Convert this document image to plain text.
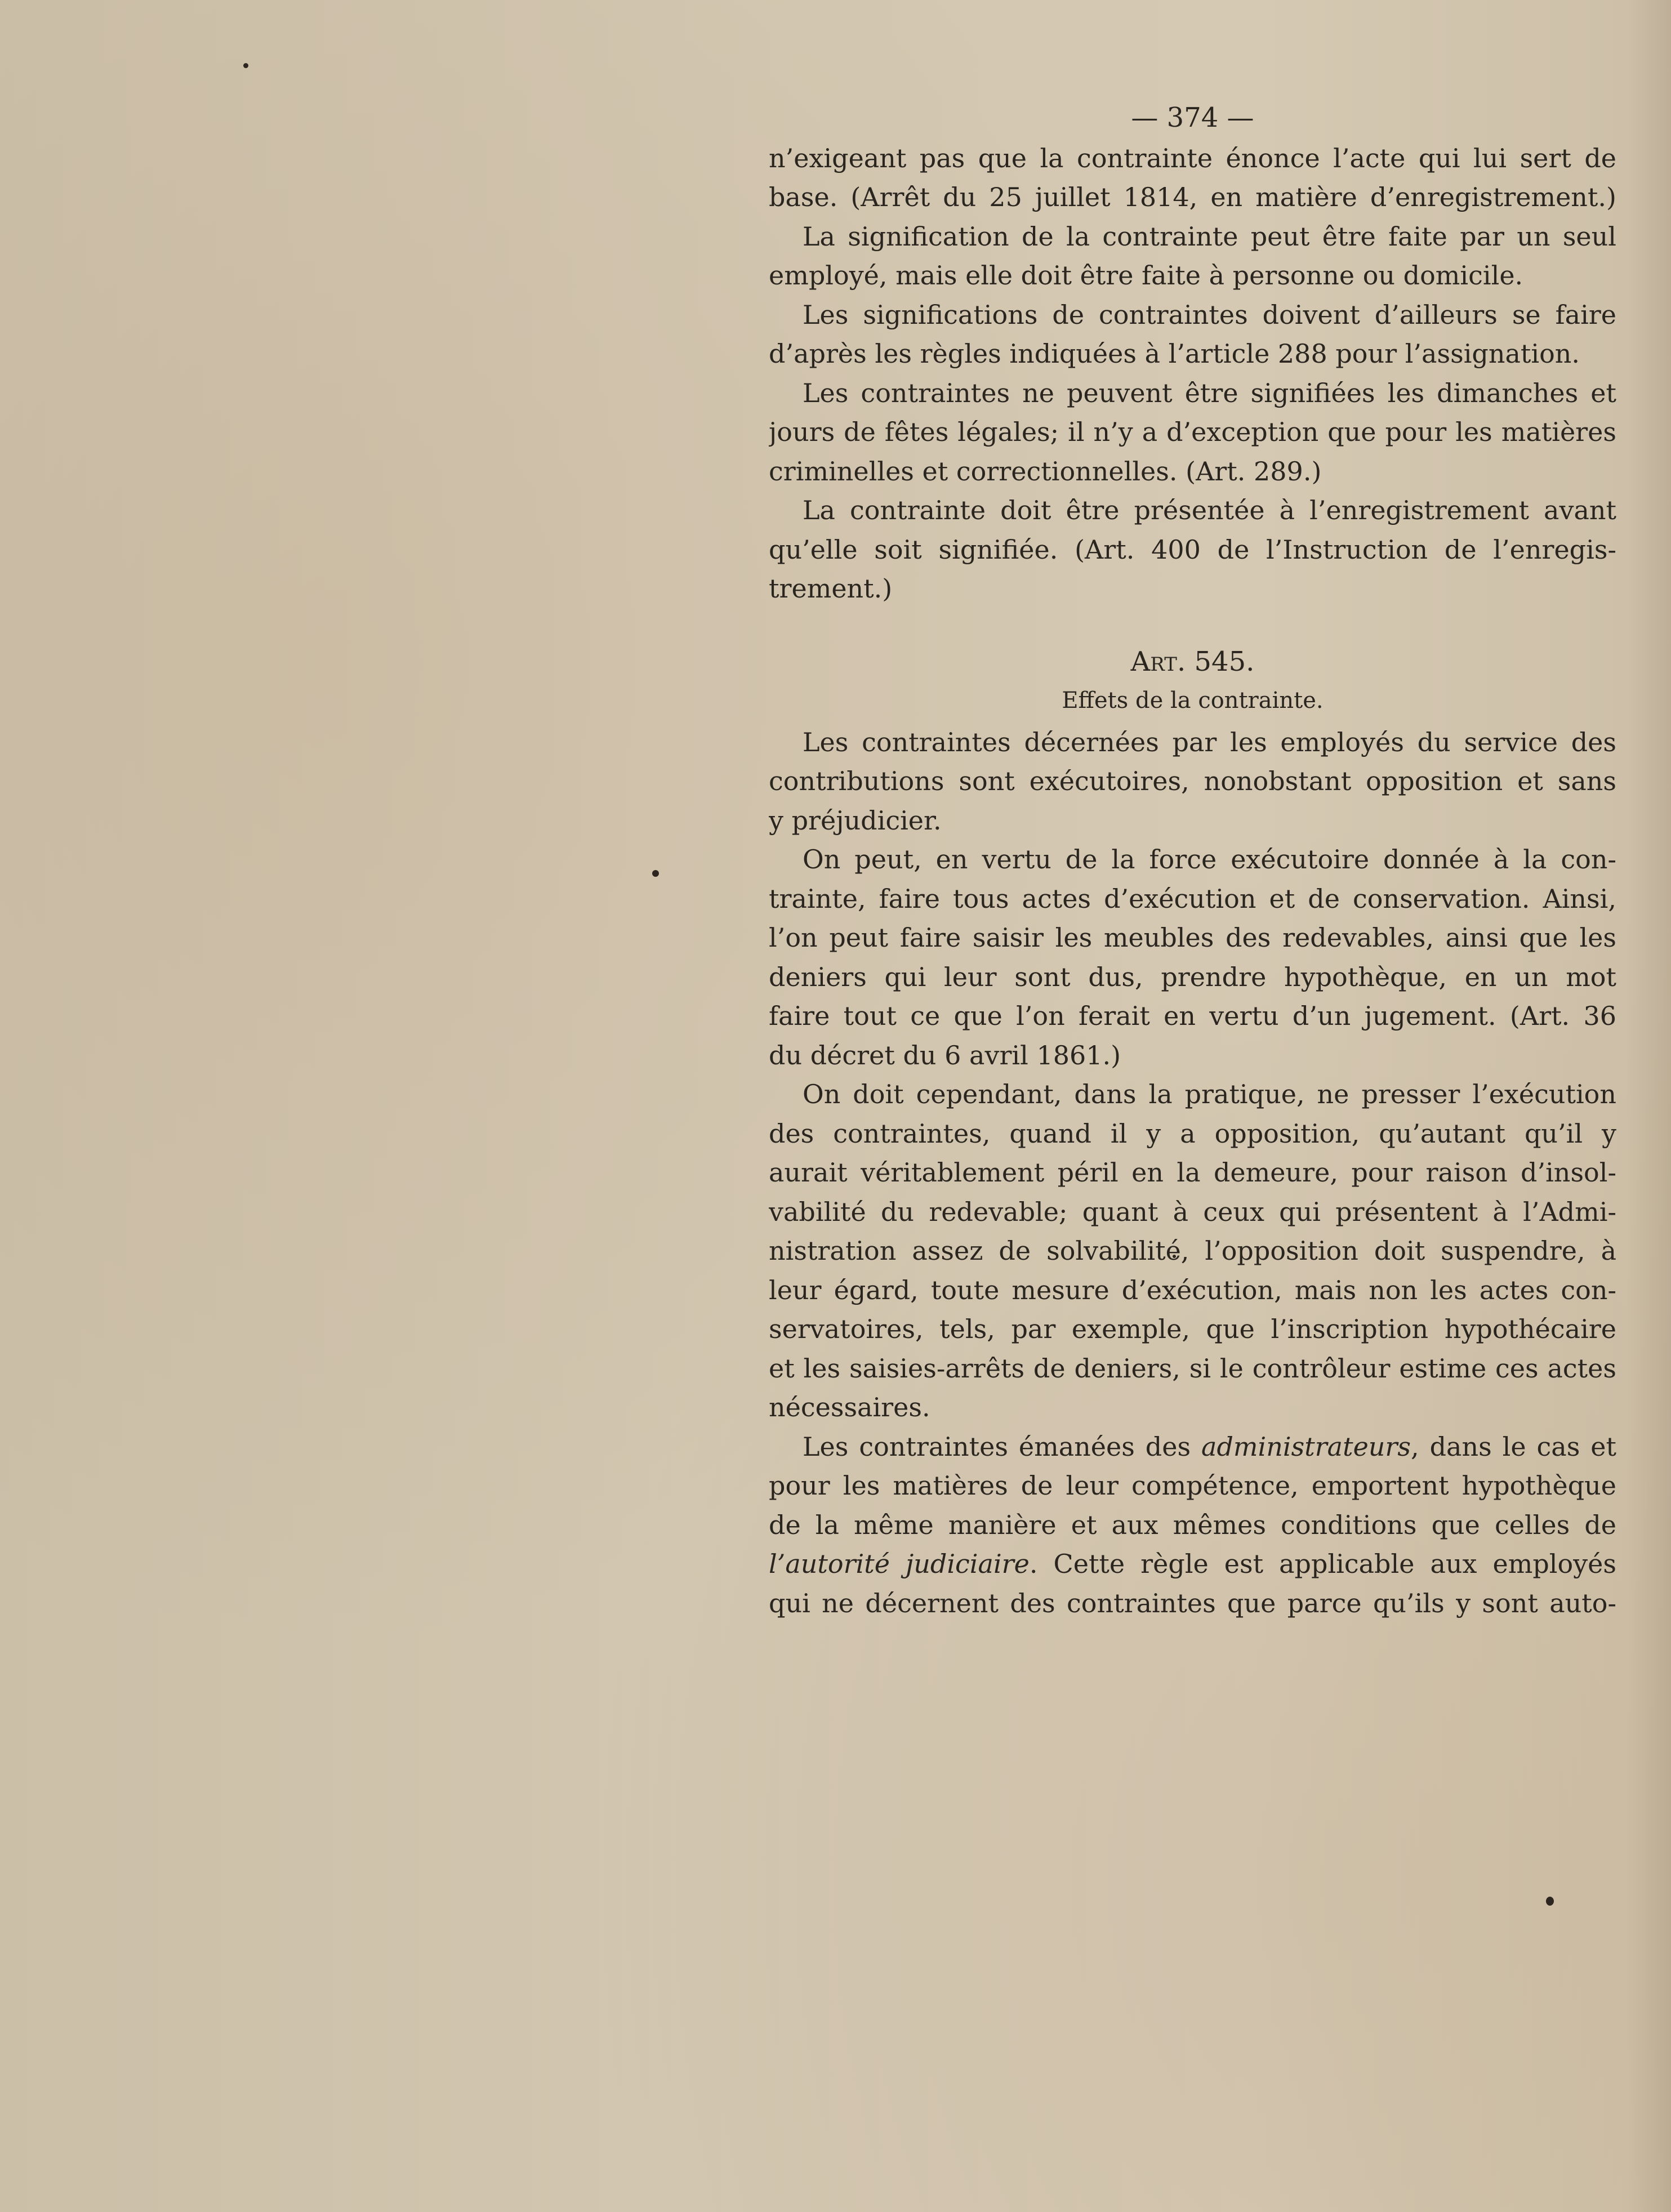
— 374 —
n’exigeant pas que la contrainte énonce l’acte qui lui sert de
base. (Arrêt du 25 juillet 1814, en matière d’enregistrement.)
La signification de la contrainte peut être faite par un seul
employé, mais elle doit être faite à personne ou domicile.
Les significations de contraintes doivent d’ailleurs se faire
d’après les règles indiquées à l’article 288 pour l’assignation.
Les contraintes ne peuvent être signifiées les dimanches et
jours de fêtes légales; il n’y a d’exception que pour les matières
criminelles et correctionnelles. (Art. 289.)
La contrainte doit être présentée à l’enregistrement avant
qu’elle soit signifiée. (Art. 400 de l’Instruction de l’enregis-
trement.)
Art. 545.
Effets de la contrainte.
Les contraintes décernées par les employés du service des
contributions sont exécutoires, nonobstant opposition et sans
y préjudicier.
On peut, en vertu de la force exécutoire donnée à la con-
trainte, faire tous actes d’exécution et de conservation. Ainsi,
l’on peut faire saisir les meubles des redevables, ainsi que les
deniers qui leur sont dus, prendre hypothèque, en un mot
faire tout ce que l’on ferait en vertu d’un jugement. (Art. 36
du décret du 6 avril 1861.)
On doit cependant, dans la pratique, ne presser l’exécution
des contraintes, quand il y a opposition, qu’autant qu’il y
aurait véritablement péril en la demeure, pour raison d’insol-
vabilité du redevable; quant à ceux qui présentent à l’Admi-
nistration assez de solvabilité, l’opposition doit suspendre, à
leur égard, toute mesure d’exécution, mais non les actes con-
servatoires, tels, par exemple, que l’inscription hypothécaire
et les saisies-arrêts de deniers, si le contrôleur estime ces actes
nécessaires.
Les contraintes émanées des administrateurs, dans le cas et
pour les matières de leur compétence, emportent hypothèque
de la même manière et aux mêmes conditions que celles de
l’autorité judiciaire. Cette règle est applicable aux employés
qui ne décernent des contraintes que parce qu’ils y sont auto-
